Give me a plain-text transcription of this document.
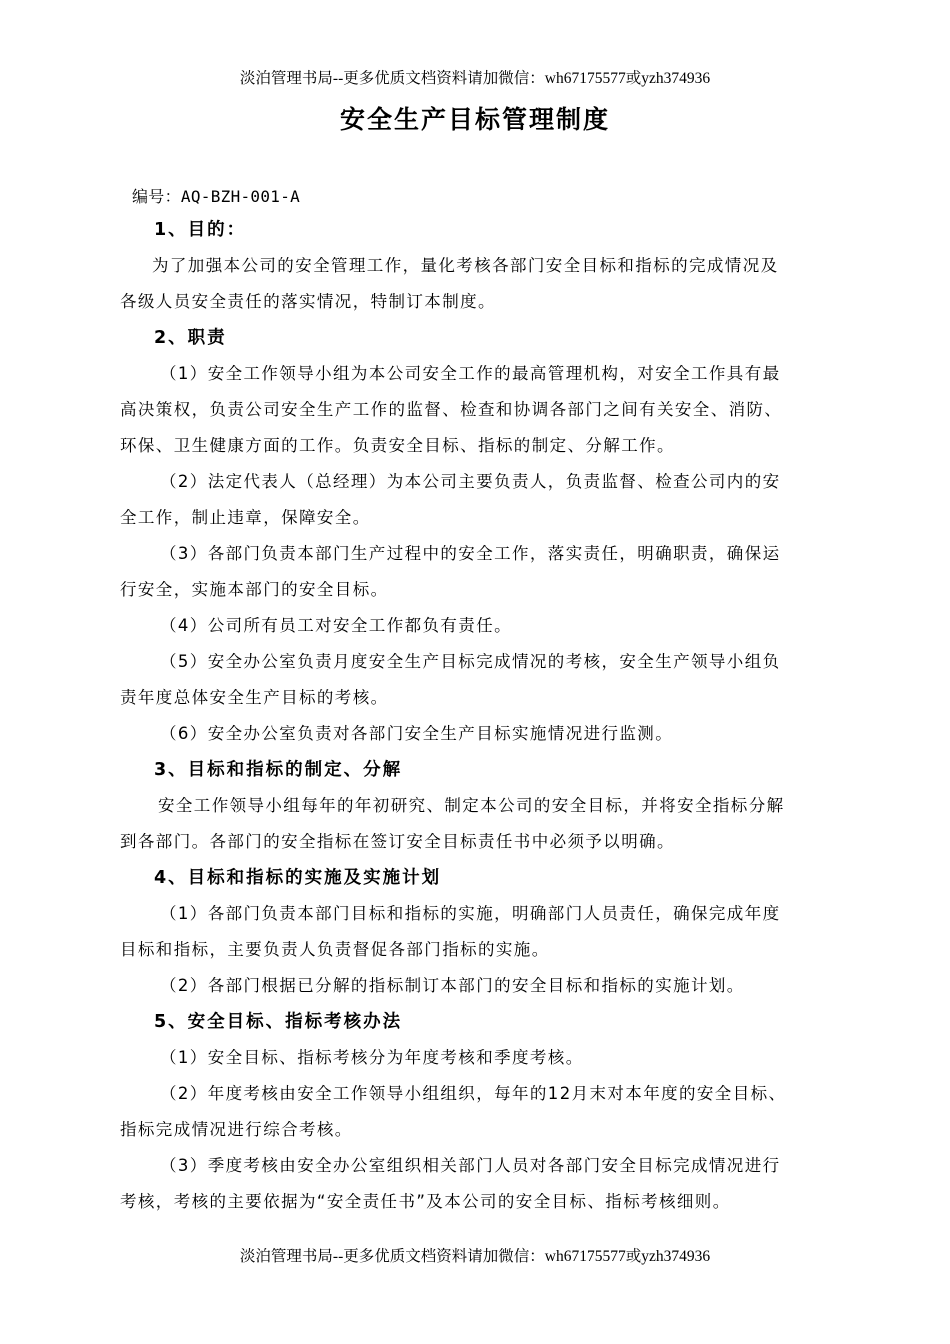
淡泊管理书局--更多优质文档资料请加微信：wh67175577或yzh374936
安全生产目标管理制度
编号：AQ-BZH-001-A
1、目的：
为了加强本公司的安全管理工作，量化考核各部门安全目标和指标的完成情况及
各级人员安全责任的落实情况，特制订本制度。
2、职责
（1）安全工作领导小组为本公司安全工作的最高管理机构，对安全工作具有最
高决策权，负责公司安全生产工作的监督、检查和协调各部门之间有关安全、消防、
环保、卫生健康方面的工作。负责安全目标、指标的制定、分解工作。
（2）法定代表人（总经理）为本公司主要负责人，负责监督、检查公司内的安
全工作，制止违章，保障安全。
（3）各部门负责本部门生产过程中的安全工作，落实责任，明确职责，确保运
行安全，实施本部门的安全目标。
（4）公司所有员工对安全工作都负有责任。
（5）安全办公室负责月度安全生产目标完成情况的考核，安全生产领导小组负
责年度总体安全生产目标的考核。
（6）安全办公室负责对各部门安全生产目标实施情况进行监测。
3、目标和指标的制定、分解
安全工作领导小组每年的年初研究、制定本公司的安全目标，并将安全指标分解
到各部门。各部门的安全指标在签订安全目标责任书中必须予以明确。
4、目标和指标的实施及实施计划
（1）各部门负责本部门目标和指标的实施，明确部门人员责任，确保完成年度
目标和指标，主要负责人负责督促各部门指标的实施。
（2）各部门根据已分解的指标制订本部门的安全目标和指标的实施计划。
5、安全目标、指标考核办法
（1）安全目标、指标考核分为年度考核和季度考核。
（2）年度考核由安全工作领导小组组织，每年的12月末对本年度的安全目标、
指标完成情况进行综合考核。
（3）季度考核由安全办公室组织相关部门人员对各部门安全目标完成情况进行
考核，考核的主要依据为“安全责任书”及本公司的安全目标、指标考核细则。
淡泊管理书局--更多优质文档资料请加微信：wh67175577或yzh374936
